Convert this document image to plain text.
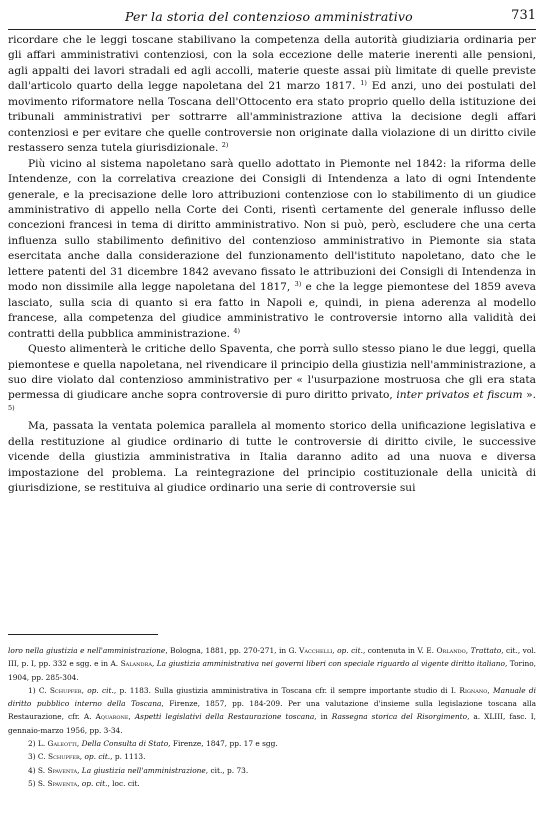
Per la storia del contenzioso amministrativo	731

ricordare che le leggi toscane stabilivano la competenza della autorità giudiziaria ordinaria per gli affari amministrativi contenziosi, con la sola eccezione delle materie inerenti alle pensioni, agli appalti dei lavori stradali ed agli accolli, materie queste assai più limitate di quelle previste dall'articolo quarto della legge napoletana del 21 marzo 1817. $^{1)}$ Ed anzi, uno dei postulati del movimento riformatore nella Toscana dell'Ottocento era stato proprio quello della istituzione dei tribunali amministrativi per sottrarre all'amministrazione attiva la decisione degli affari contenziosi e per evitare che quelle controversie non originate dalla violazione di un diritto civile restassero senza tutela giurisdizionale. $^{2)}$

Più vicino al sistema napoletano sarà quello adottato in Piemonte nel 1842: la riforma delle Intendenze, con la correlativa creazione dei Consigli di Intendenza a lato di ogni Intendente generale, e la precisazione delle loro attribuzioni contenziose con lo stabilimento di un giudice amministrativo di appello nella Corte dei Conti, risentì certamente del generale influsso delle concezioni francesi in tema di diritto amministrativo. Non si può, però, escludere che una certa influenza sullo stabilimento definitivo del contenzioso amministrativo in Piemonte sia stata esercitata anche dalla considerazione del funzionamento dell'istituto napoletano, dato che le lettere patenti del 31 dicembre 1842 avevano fissato le attribuzioni dei Consigli di Intendenza in modo non dissimile alla legge napoletana del 1817, $^{3)}$ e che la legge piemontese del 1859 aveva lasciato, sulla scia di quanto si era fatto in Napoli e, quindi, in piena aderenza al modello francese, alla competenza del giudice amministrativo le controversie intorno alla validità dei contratti della pubblica amministrazione. $^{4)}$

Questo alimenterà le critiche dello Spaventa, che porrà sullo stesso piano le due leggi, quella piemontese e quella napoletana, nel rivendicare il principio della giustizia nell'amministrazione, a suo dire violato dal contenzioso amministrativo per « l'usurpazione mostruosa che gli era stata permessa di giudicare anche sopra controversie di puro diritto privato, inter privatos et fiscum ». $^{5)}$

Ma, passata la ventata polemica parallela al momento storico della unificazione legislativa e della restituzione al giudice ordinario di tutte le controversie di diritto civile, le successive vicende della giustizia amministrativa in Italia daranno adito ad una nuova e diversa impostazione del problema. La reintegrazione del principio costituzionale della unicità di giurisdizione, se restituiva al giudice ordinario una serie di controversie sui

loro nella giustizia e nell'amministrazione, Bologna, 1881, pp. 270-271, in G. Vacchelli, op. cit., contenuta in V. E. Orlando, Trattato, cit., vol. III, p. I, pp. 332 e sgg. e in A. Salandra, La giustizia amministrativa nei governi liberi con speciale riguardo al vigente diritto italiano, Torino, 1904, pp. 285-304.

1) C. Schupfer, op. cit., p. 1183. Sulla giustizia amministrativa in Toscana cfr. il sempre importante studio di I. Rignano, Manuale di diritto pubblico interno della Toscana, Firenze, 1857, pp. 184-209. Per una valutazione d'insieme sulla legislazione toscana alla Restaurazione, cfr. A. Aquarone, Aspetti legislativi della Restaurazione toscana, in Rassegna storica del Risorgimento, a. XLIII, fasc. I, gennaio-marzo 1956, pp. 3-34.

2) L. Galeotti, Della Consulta di Stato, Firenze, 1847, pp. 17 e sgg.

3) C. Schupfer, op. cit., p. 1113.

4) S. Spaventa, La giustizia nell'amministrazione, cit., p. 73.

5) S. Spaventa, op. cit., loc. cit.
